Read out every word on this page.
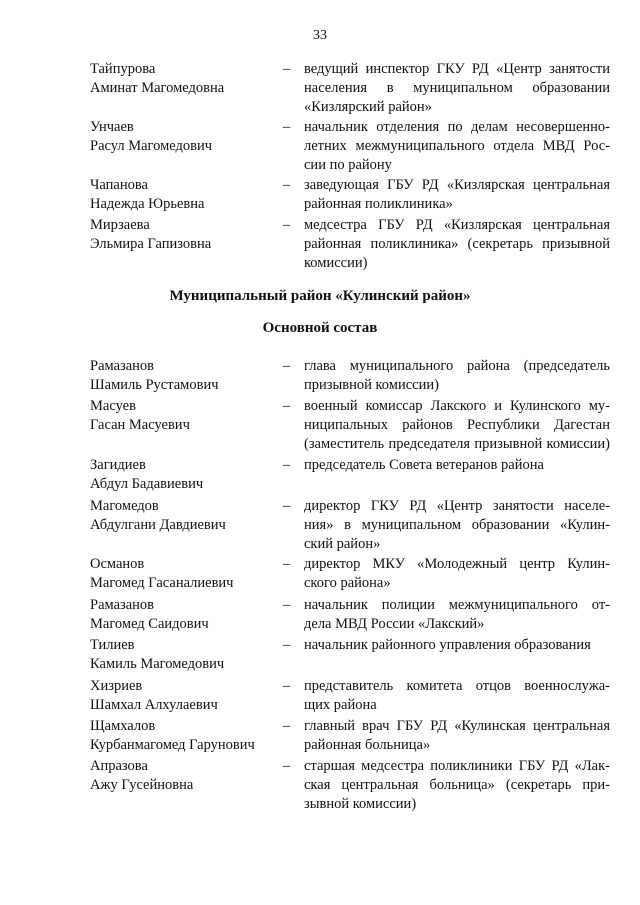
33
Тайпурова
Аминат Магомедовна
– ведущий инспектор ГКУ РД «Центр занятости
населения в муниципальном образовании
«Кизлярский район»
Унчаев
Расул Магомедович
– начальник отделения по делам несовершенно-
летних межмуниципального отдела МВД Рос-
сии по району
Чапанова
Надежда Юрьевна
– заведующая ГБУ РД «Кизлярская центральная
районная поликлиника»
Мирзаева
Эльмира Гапизовна
– медсестра ГБУ РД «Кизлярская центральная
районная поликлиника» (секретарь призывной
комиссии)
Муниципальный район «Кулинский район»
Основной состав
Рамазанов
Шамиль Рустамович
– глава муниципального района (председатель
призывной комиссии)
Масуев
Гасан Масуевич
– военный комиссар Лакского и Кулинского му-
ниципальных районов Республики Дагестан
(заместитель председателя призывной комиссии)
Загидиев
Абдул Бадавиевич
– председатель Совета ветеранов района
Магомедов
Абдулгани Давдиевич
– директор ГКУ РД «Центр занятости населе-
ния» в муниципальном образовании «Кулин-
ский район»
Османов
Магомед Гасаналиевич
– директор МКУ «Молодежный центр Кулин-
ского района»
Рамазанов
Магомед Саидович
– начальник полиции межмуниципального от-
дела МВД России «Лакский»
Тилиев
Камиль Магомедович
– начальник районного управления образования
Хизриев
Шамхал Алхулаевич
– представитель комитета отцов военнослужа-
щих района
Щамхалов
Курбанмагомед Гарунович
– главный врач ГБУ РД «Кулинская центральная
районная больница»
Апразова
Ажу Гусейновна
– старшая медсестра поликлиники ГБУ РД «Лак-
ская центральная больница» (секретарь при-
зывной комиссии)
